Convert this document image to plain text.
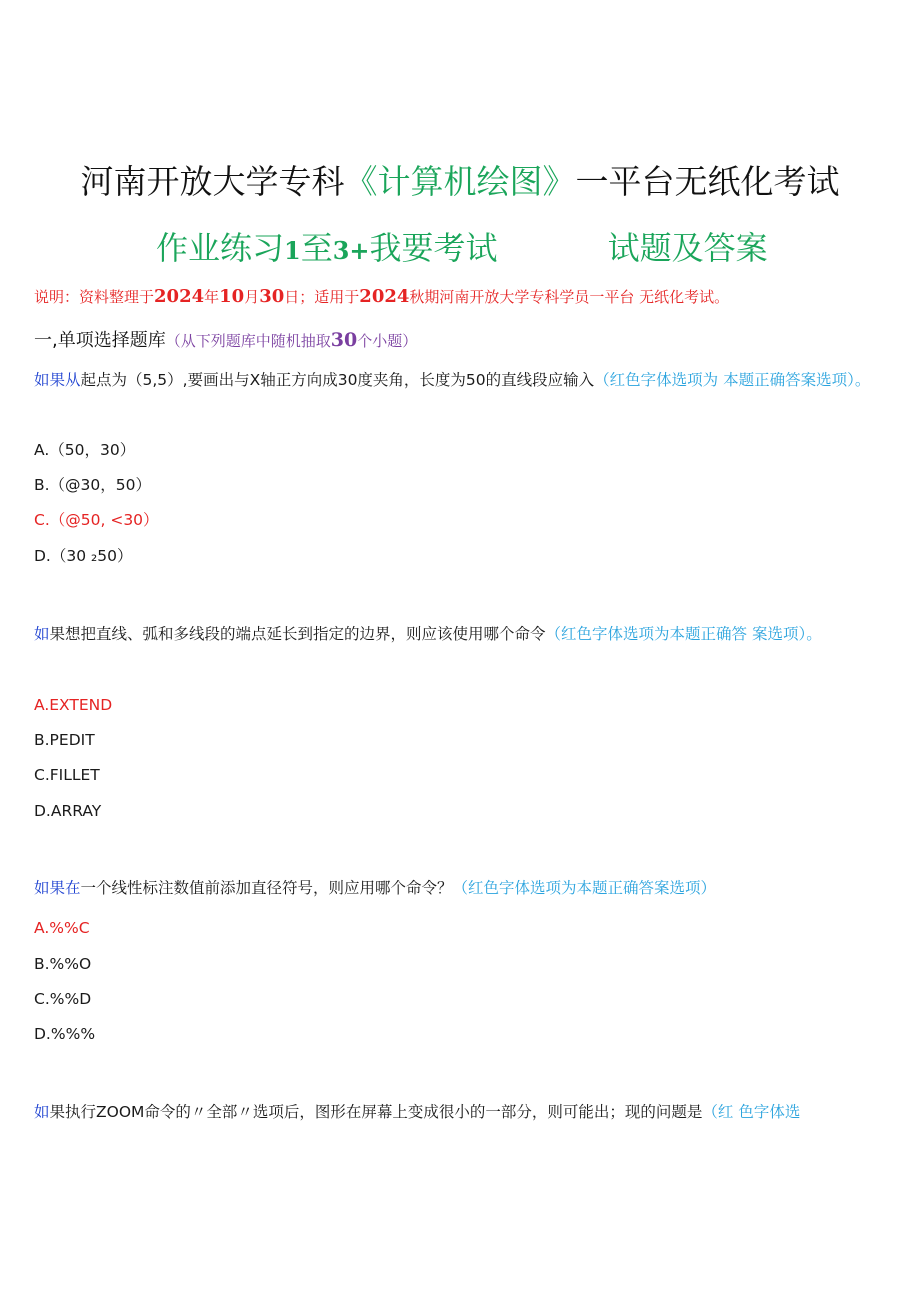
河南开放大学专科《计算机绘图》一平台无纸化考试
作业练习1至3+我要考试	试题及答案
说明：资料整理于2024年10月30日；适用于2024秋期河南开放大学专科学员一平台 无纸化考试。
一,单项选择题库（从下列题库中随机抽取30个小题）
如果从起点为（5,5）,要画出与X轴正方向成30度夹角，长度为50的直线段应输入（红色字体选项为 本题正确答案选项）。
A.（50，30）
B.（@30，50）
C.（@50, <30）
D.（30 ₂50）
如果想把直线、弧和多线段的端点延长到指定的边界，则应该使用哪个命令（红色字体选项为本题正确答 案选项）。
A.EXTEND
B.PEDIT
C.FILLET
D.ARRAY
如果在一个线性标注数值前添加直径符号，则应用哪个命令？（红色字体选项为本题正确答案选项）
A.%%C
B.%%O
C.%%D
D.%%%
如果执行ZOOM命令的〃全部〃选项后，图形在屏幕上变成很小的一部分，则可能出；现的问题是（红 色字体选
